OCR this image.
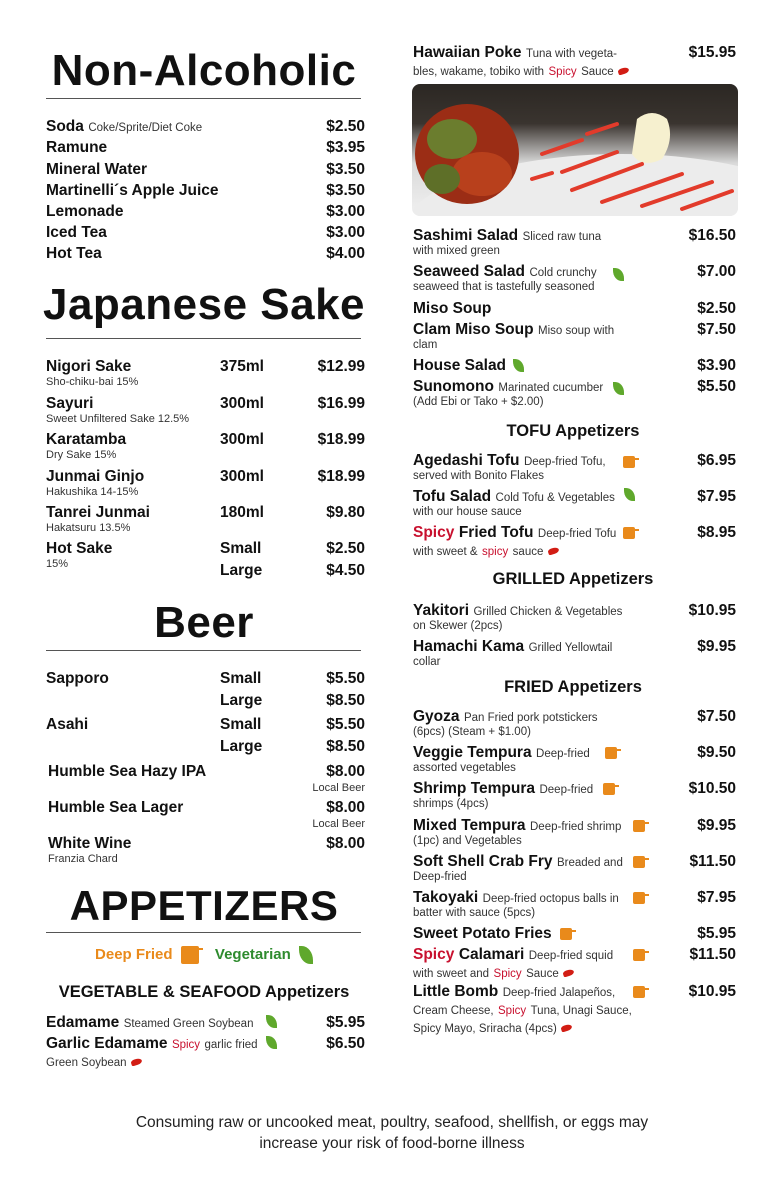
Non-Alcoholic
Soda Coke/Sprite/Diet Coke	$2.50
Ramune	$3.95
Mineral Water	$3.50
Martinelli´s Apple Juice	$3.50
Lemonade	$3.00
Iced Tea	$3.00
Hot Tea	$4.00
Japanese Sake
Nigori Sake
Sho-chiku-bai 15%
375ml	$12.99
Sayuri
Sweet Unfiltered Sake 12.5%
300ml	$16.99
Karatamba
Dry Sake 15%
300ml	$18.99
Junmai Ginjo
Hakushika 14-15%
300ml	$18.99
Tanrei Junmai
Hakatsuru 13.5%
180ml	$9.80
Hot Sake
15%
Small	$2.50
Large	$4.50
Beer
Sapporo	Small	$5.50
Large	$8.50
Asahi	Small	$5.50
Large	$8.50
Humble Sea Hazy IPA	$8.00
Local Beer
Humble Sea Lager	$8.00
Local Beer
White Wine
Franzia Chard
$8.00
APPETIZERS
Deep Fried	Vegetarian
VEGETABLE & SEAFOOD Appetizers
Edamame Steamed Green Soybean	$5.95
Garlic Edamame Spicy garlic fried
Green Soybean
$6.50
Hawaiian Poke Tuna with vegeta-
bles, wakame, tobiko with Spicy Sauce
$15.95
Sashimi Salad Sliced raw tuna
with mixed green
$16.50
Seaweed Salad Cold crunchy
seaweed that is tastefully seasoned
$7.00
Miso Soup	$2.50
Clam Miso Soup Miso soup with
clam
$7.50
House Salad	$3.90
Sunomono Marinated cucumber
(Add Ebi or Tako + $2.00)
$5.50
TOFU Appetizers
Agedashi Tofu Deep-fried Tofu,
served with Bonito Flakes
$6.95
Tofu Salad Cold Tofu & Vegetables
with our house sauce
$7.95
Spicy Fried Tofu Deep-fried Tofu
with sweet & spicy sauce
$8.95
GRILLED Appetizers
Yakitori Grilled Chicken & Vegetables
on Skewer (2pcs)
$10.95
Hamachi Kama Grilled Yellowtail
collar
$9.95
FRIED Appetizers
Gyoza Pan Fried pork potstickers
(6pcs) (Steam + $1.00)
$7.50
Veggie Tempura Deep-fried
assorted vegetables
$9.50
Shrimp Tempura Deep-fried
shrimps (4pcs)
$10.50
Mixed Tempura Deep-fried shrimp
(1pc) and Vegetables
$9.95
Soft Shell Crab Fry Breaded and
Deep-fried
$11.50
Takoyaki Deep-fried octopus balls in
batter with sauce (5pcs)
$7.95
Sweet Potato Fries	$5.95
Spicy Calamari Deep-fried squid
with sweet and Spicy Sauce
$11.50
Little Bomb Deep-fried Jalapeños,
Cream Cheese, Spicy Tuna, Unagi Sauce,
Spicy Mayo, Sriracha (4pcs)
$10.95
Consuming raw or uncooked meat, poultry, seafood, shellfish, or eggs may
increase your risk of food-borne illness
